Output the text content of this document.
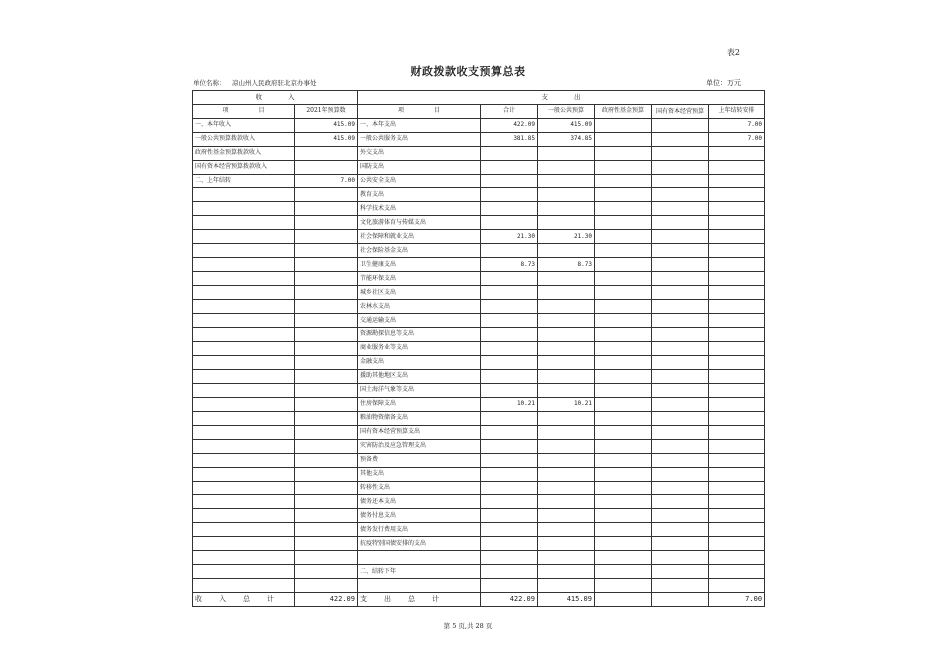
表2
财政拨款收支预算总表
单位名称： 凉山州人民政府驻北京办事处	单位：万元
收　　　　入		支　　　　出					
项　　　　　目	2021年预算数	项　　　　　目	合计	一般公共预算	政府性基金预算	国有资本经营预算	上年结转安排
一、本年收入	415.09	一、本年支出	422.09	415.09			7.00
一般公共预算拨款收入	415.09	一般公共服务支出	381.85	374.85			7.00
政府性基金预算拨款收入		外交支出					
国有资本经营预算拨款收入		国防支出					
二、上年结转	7.00	公共安全支出					
		教育支出					
		科学技术支出					
		文化旅游体育与传媒支出					
		社会保障和就业支出	21.30	21.30			
		社会保险基金支出					
		卫生健康支出	8.73	8.73			
		节能环保支出					
		城乡社区支出					
		农林水支出					
		交通运输支出					
		资源勘探信息等支出					
		商业服务业等支出					
		金融支出					
		援助其他地区支出					
		国土海洋气象等支出					
		住房保障支出	10.21	10.21			
		粮油物资储备支出					
		国有资本经营预算支出					
		灾害防治及应急管理支出					
		预备费					
		其他支出					
		转移性支出					
		债务还本支出					
		债务付息支出					
		债务发行费用支出					
		抗疫特别国债安排的支出					

		二、结转下年					

收　　入　　总　　计	422.09	支　　出　　总　　计	422.09	415.09			7.00
第 5 页,共 28 页
